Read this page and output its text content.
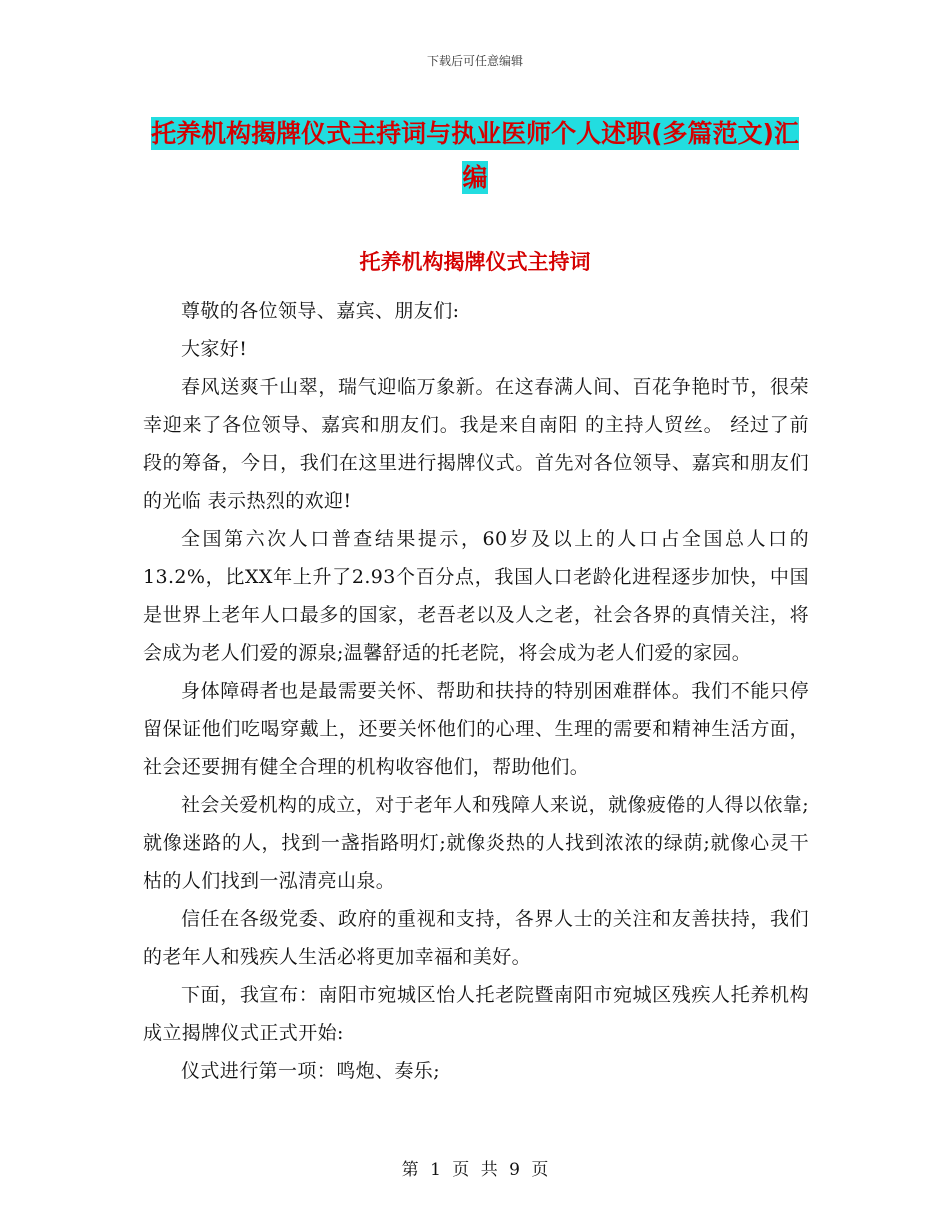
下载后可任意编辑
托养机构揭牌仪式主持词与执业医师个人述职(多篇范文)汇编
托养机构揭牌仪式主持词

尊敬的各位领导、嘉宾、朋友们:

大家好!

春风送爽千山翠，瑞气迎临万象新。在这春满人间、百花争艳时节，很荣幸迎来了各位领导、嘉宾和朋友们。我是来自南阳 的主持人贸丝。 经过了前段的筹备，今日，我们在这里进行揭牌仪式。首先对各位领导、嘉宾和朋友们的光临 表示热烈的欢迎!

全国第六次人口普查结果提示，60岁及以上的人口占全国总人口的13.2%，比XX年上升了2.93个百分点，我国人口老龄化进程逐步加快，中国是世界上老年人口最多的国家，老吾老以及人之老，社会各界的真情关注，将会成为老人们爱的源泉;温馨舒适的托老院，将会成为老人们爱的家园。

身体障碍者也是最需要关怀、帮助和扶持的特别困难群体。我们不能只停留保证他们吃喝穿戴上，还要关怀他们的心理、生理的需要和精神生活方面，社会还要拥有健全合理的机构收容他们，帮助他们。

社会关爱机构的成立，对于老年人和残障人来说，就像疲倦的人得以依靠;就像迷路的人，找到一盏指路明灯;就像炎热的人找到浓浓的绿荫;就像心灵干枯的人们找到一泓清亮山泉。

信任在各级党委、政府的重视和支持，各界人士的关注和友善扶持，我们的老年人和残疾人生活必将更加幸福和美好。

下面，我宣布：南阳市宛城区怡人托老院暨南阳市宛城区残疾人托养机构成立揭牌仪式正式开始:

仪式进行第一项：鸣炮、奏乐;

第 1 页 共 9 页
